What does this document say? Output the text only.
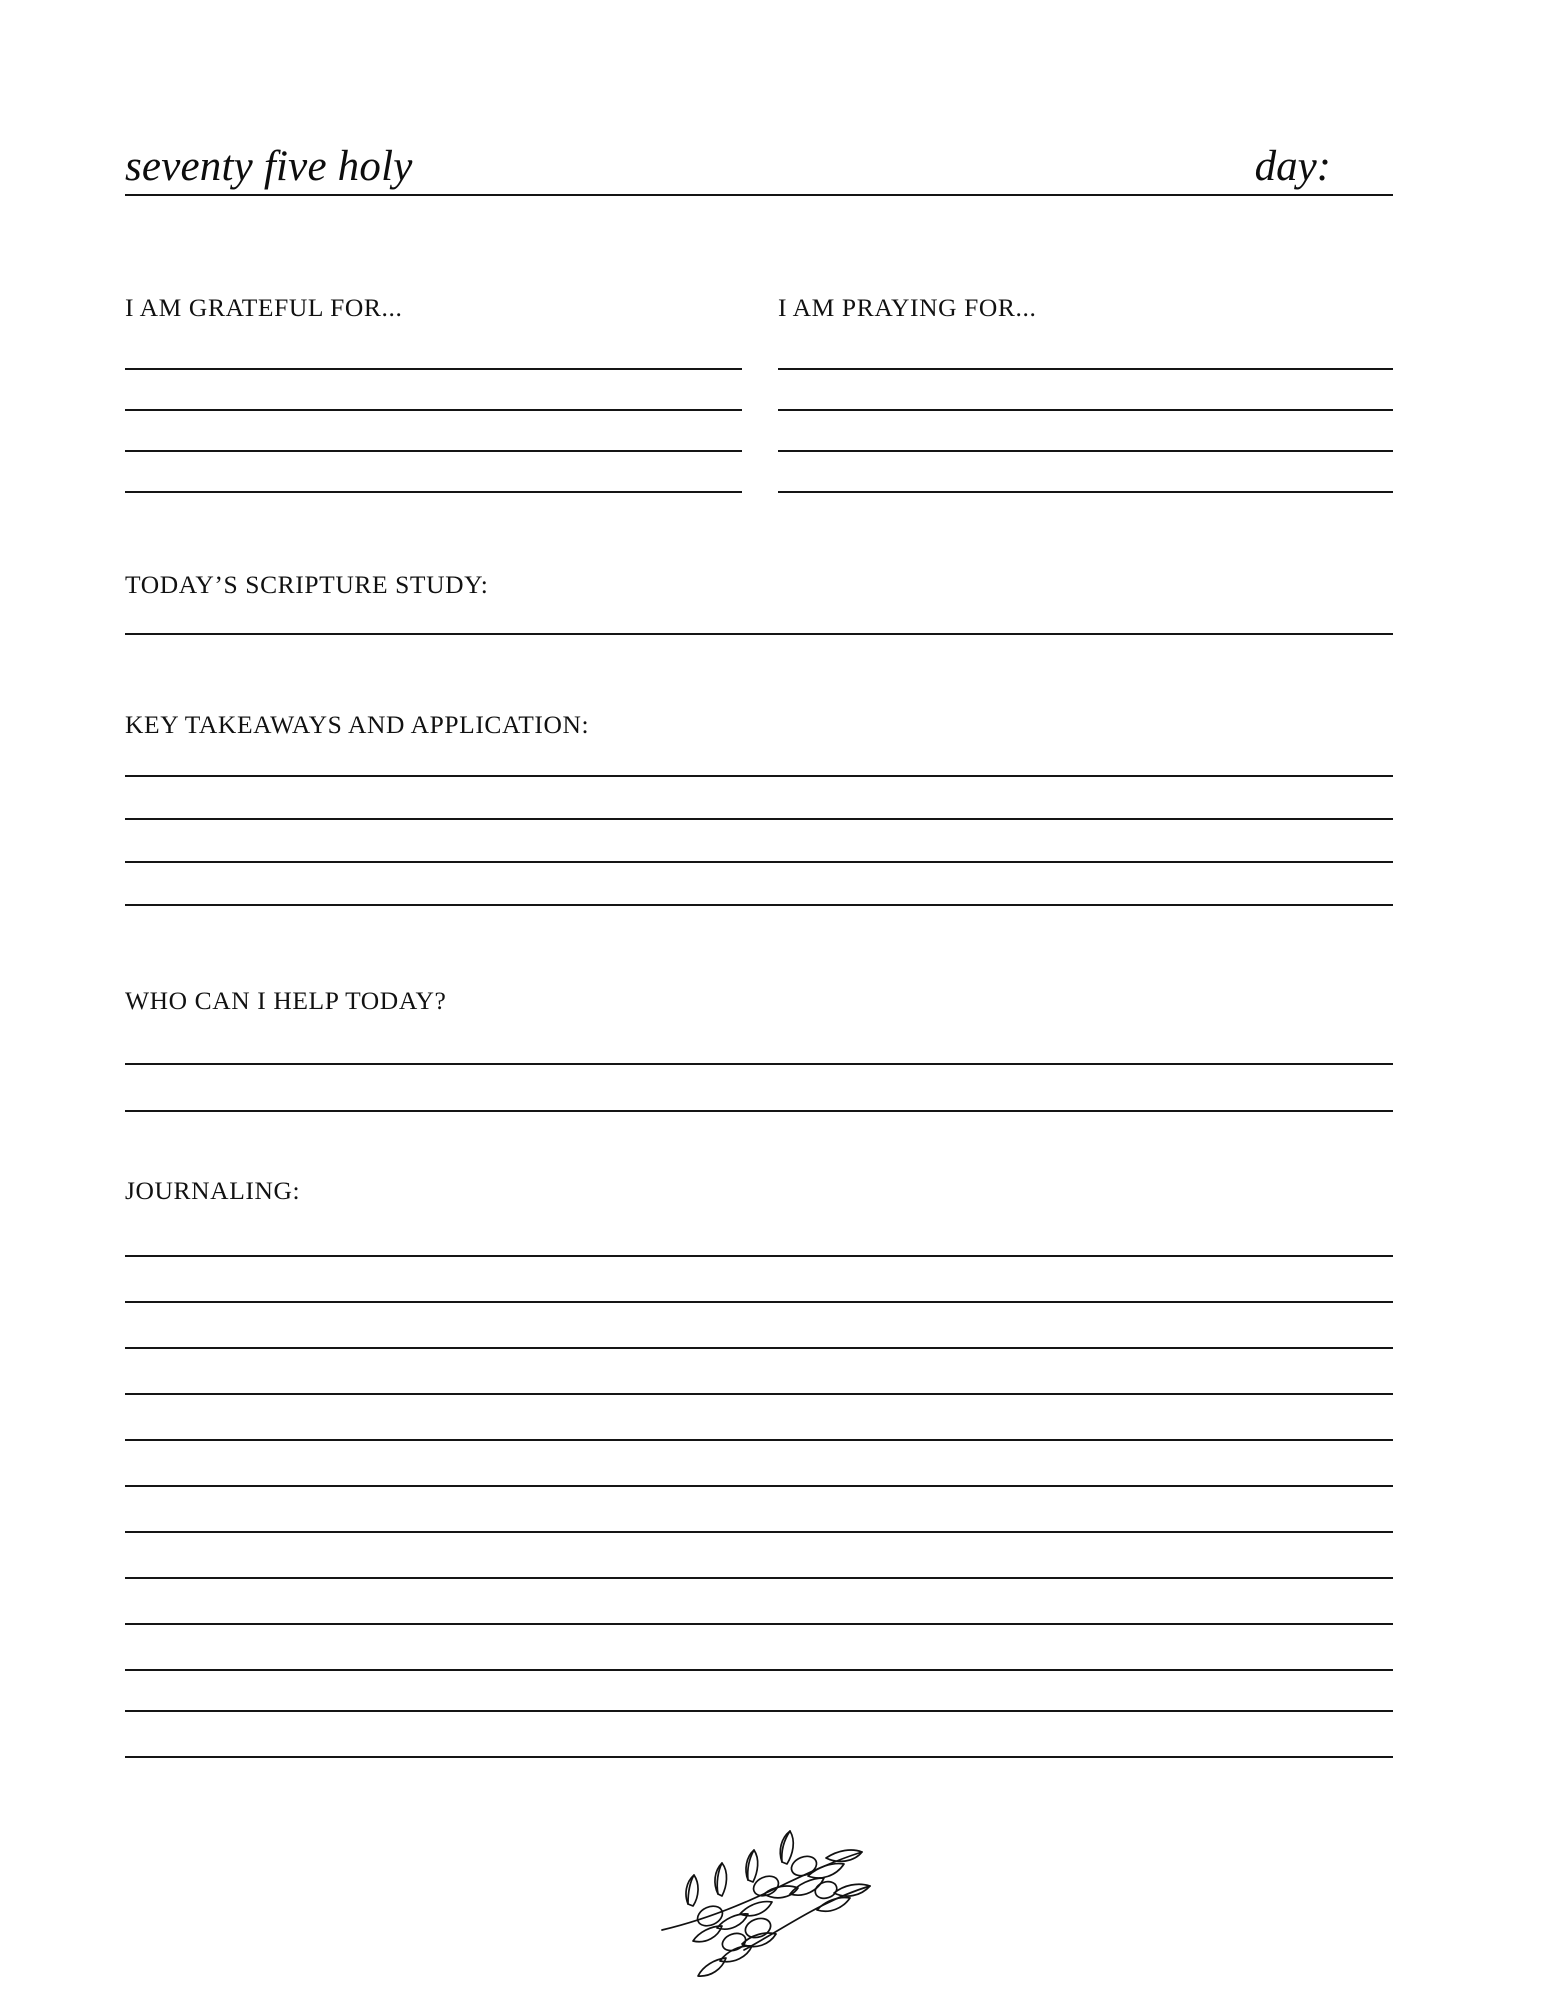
seventy five holy	day:
I AM GRATEFUL FOR...	I AM PRAYING FOR...
TODAY’S SCRIPTURE STUDY:
KEY TAKEAWAYS AND APPLICATION:
WHO CAN I HELP TODAY?
JOURNALING:
